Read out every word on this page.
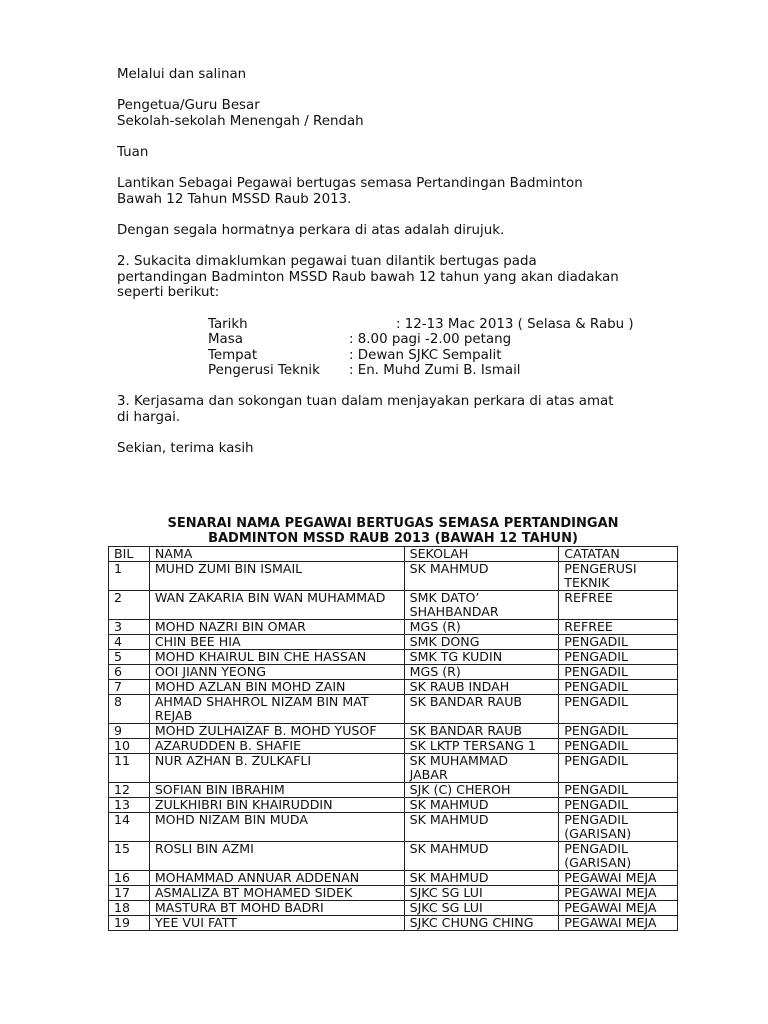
Melalui dan salinan

Pengetua/Guru Besar

Sekolah-sekolah Menengah / Rendah

Tuan

Lantikan Sebagai Pegawai bertugas semasa Pertandingan Badminton

Bawah 12 Tahun MSSD Raub 2013.

Dengan segala hormatnya perkara di atas adalah dirujuk.

2. Sukacita dimaklumkan pegawai tuan dilantik bertugas pada

pertandingan Badminton MSSD Raub bawah 12 tahun yang akan diadakan

seperti berikut:

Tarikh	: 12-13 Mac 2013 ( Selasa & Rabu )
Masa	: 8.00 pagi -2.00 petang
Tempat	: Dewan SJKC Sempalit
Pengerusi Teknik	: En. Muhd Zumi B. Ismail

3. Kerjasama dan sokongan tuan dalam menjayakan perkara di atas amat

di hargai.

Sekian, terima kasih

SENARAI NAMA PEGAWAI BERTUGAS SEMASA PERTANDINGAN
BADMINTON MSSD RAUB 2013 (BAWAH 12 TAHUN)
BIL	NAMA	SEKOLAH	CATATAN
1	MUHD ZUMI BIN ISMAIL	SK MAHMUD	PENGERUSI
TEKNIK
2	WAN ZAKARIA BIN WAN MUHAMMAD	SMK DATO’
SHAHBANDAR	REFREE
3	MOHD NAZRI BIN OMAR	MGS (R)	REFREE
4	CHIN BEE HIA	SMK DONG	PENGADIL
5	MOHD KHAIRUL BIN CHE HASSAN	SMK TG KUDIN	PENGADIL
6	OOI JIANN YEONG	MGS (R)	PENGADIL
7	MOHD AZLAN BIN MOHD ZAIN	SK RAUB INDAH	PENGADIL
8	AHMAD SHAHROL NIZAM BIN MAT
REJAB	SK BANDAR RAUB	PENGADIL
9	MOHD ZULHAIZAF B. MOHD YUSOF	SK BANDAR RAUB	PENGADIL
10	AZARUDDEN B. SHAFIE	SK LKTP TERSANG 1	PENGADIL
11	NUR AZHAN B. ZULKAFLI	SK MUHAMMAD
JABAR	PENGADIL
12	SOFIAN BIN IBRAHIM	SJK (C) CHEROH	PENGADIL
13	ZULKHIBRI BIN KHAIRUDDIN	SK MAHMUD	PENGADIL
14	MOHD NIZAM BIN MUDA	SK MAHMUD	PENGADIL
(GARISAN)
15	ROSLI BIN AZMI	SK MAHMUD	PENGADIL
(GARISAN)
16	MOHAMMAD ANNUAR ADDENAN	SK MAHMUD	PEGAWAI MEJA
17	ASMALIZA BT MOHAMED SIDEK	SJKC SG LUI	PEGAWAI MEJA
18	MASTURA BT MOHD BADRI	SJKC SG LUI	PEGAWAI MEJA
19	YEE VUI FATT	SJKC CHUNG CHING	PEGAWAI MEJA
